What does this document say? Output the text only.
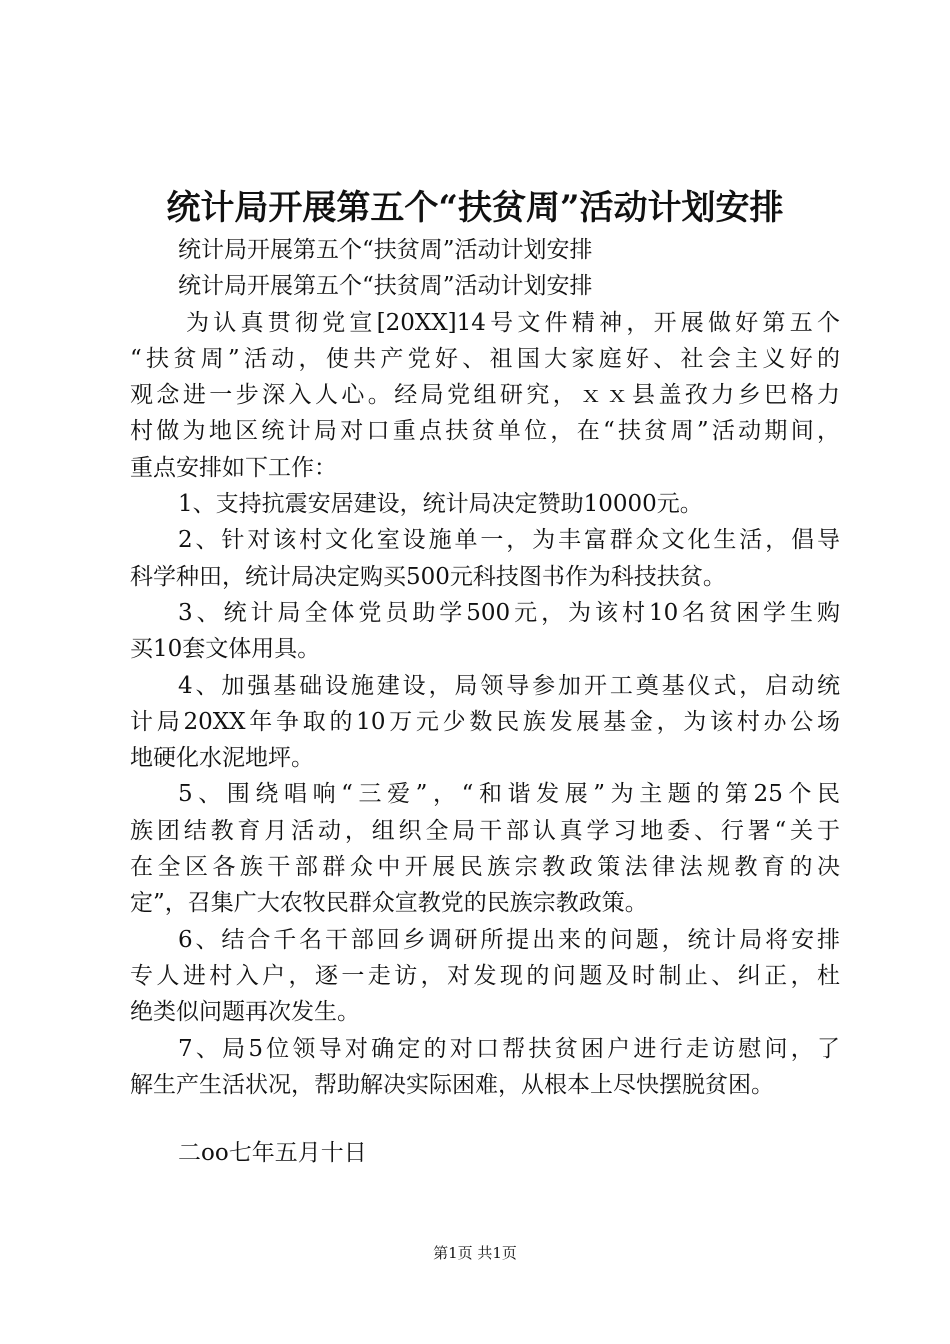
统计局开展第五个“扶贫周”活动计划安排
统计局开展第五个“扶贫周”活动计划安排
统计局开展第五个“扶贫周”活动计划安排
为认真贯彻党宣[20XX]14号文件精神，开展做好第五个
“扶贫周”活动，使共产党好、祖国大家庭好、社会主义好的
观念进一步深入人心。经局党组研究，ｘｘ县盖孜力乡巴格力
村做为地区统计局对口重点扶贫单位，在“扶贫周”活动期间，
重点安排如下工作：
1、支持抗震安居建设，统计局决定赞助10000元。
2、针对该村文化室设施单一，为丰富群众文化生活，倡导
科学种田，统计局决定购买500元科技图书作为科技扶贫。
3、统计局全体党员助学500元，为该村10名贫困学生购
买10套文体用具。
4、加强基础设施建设，局领导参加开工奠基仪式，启动统
计局20XX年争取的10万元少数民族发展基金，为该村办公场
地硬化水泥地坪。
5、围绕唱响“三爱”，“和谐发展”为主题的第25个民
族团结教育月活动，组织全局干部认真学习地委、行署“关于
在全区各族干部群众中开展民族宗教政策法律法规教育的决
定”，召集广大农牧民群众宣教党的民族宗教政策。
6、结合千名干部回乡调研所提出来的问题，统计局将安排
专人进村入户，逐一走访，对发现的问题及时制止、纠正，杜
绝类似问题再次发生。
7、局5位领导对确定的对口帮扶贫困户进行走访慰问，了
解生产生活状况，帮助解决实际困难，从根本上尽快摆脱贫困。
二oo七年五月十日
第1页 共1页
